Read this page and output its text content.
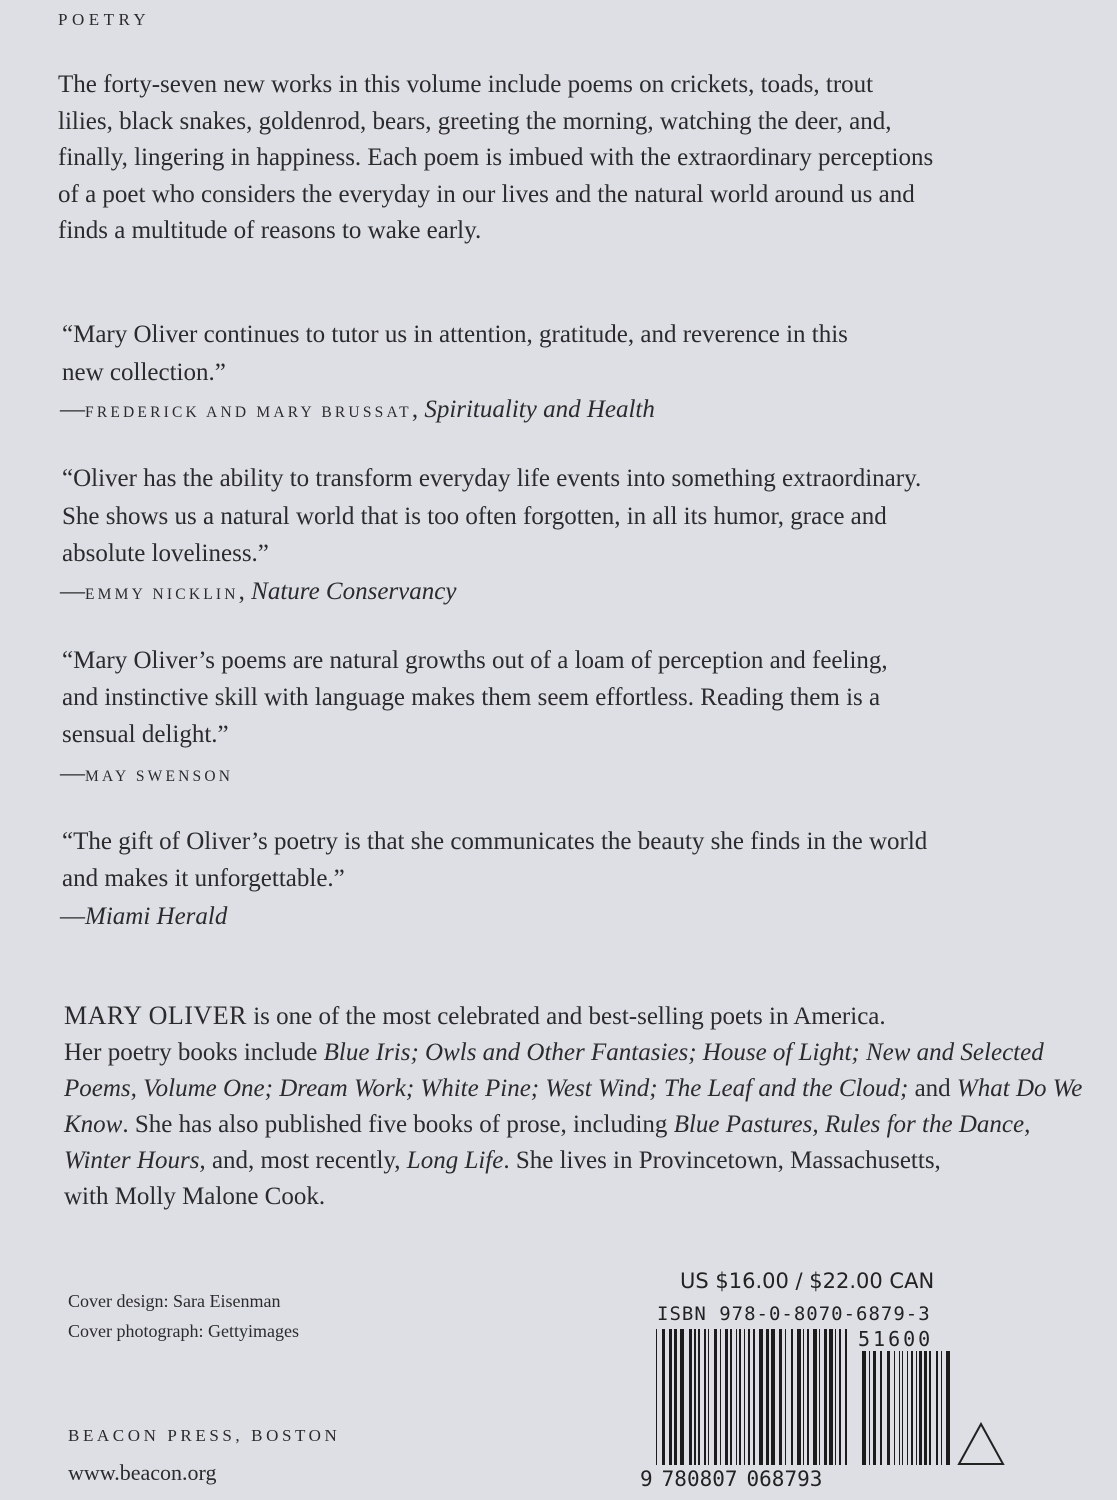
POETRY
The forty-seven new works in this volume include poems on crickets, toads, trout
lilies, black snakes, goldenrod, bears, greeting the morning, watching the deer, and,
finally, lingering in happiness. Each poem is imbued with the extraordinary perceptions
of a poet who considers the everyday in our lives and the natural world around us and
finds a multitude of reasons to wake early.
“Mary Oliver continues to tutor us in attention, gratitude, and reverence in this
new collection.”
—FREDERICK AND MARY BRUSSAT, Spirituality and Health
“Oliver has the ability to transform everyday life events into something extraordinary.
She shows us a natural world that is too often forgotten, in all its humor, grace and
absolute loveliness.”
—EMMY NICKLIN, Nature Conservancy
“Mary Oliver’s poems are natural growths out of a loam of perception and feeling,
and instinctive skill with language makes them seem effortless. Reading them is a
sensual delight.”
—MAY SWENSON
“The gift of Oliver’s poetry is that she communicates the beauty she finds in the world
and makes it unforgettable.”
—Miami Herald
MARY OLIVER is one of the most celebrated and best-selling poets in America.
Her poetry books include Blue Iris; Owls and Other Fantasies; House of Light; New and Selected
Poems, Volume One; Dream Work; White Pine; West Wind; The Leaf and the Cloud; and What Do We
Know. She has also published five books of prose, including Blue Pastures, Rules for the Dance,
Winter Hours, and, most recently, Long Life. She lives in Provincetown, Massachusetts,
with Molly Malone Cook.
Cover design: Sara Eisenman
Cover photograph: Gettyimages
BEACON PRESS, BOSTON
www.beacon.org
US $16.00 / $22.00 CAN
ISBN 978-0-8070-6879-3
51600
9 780807 068793
